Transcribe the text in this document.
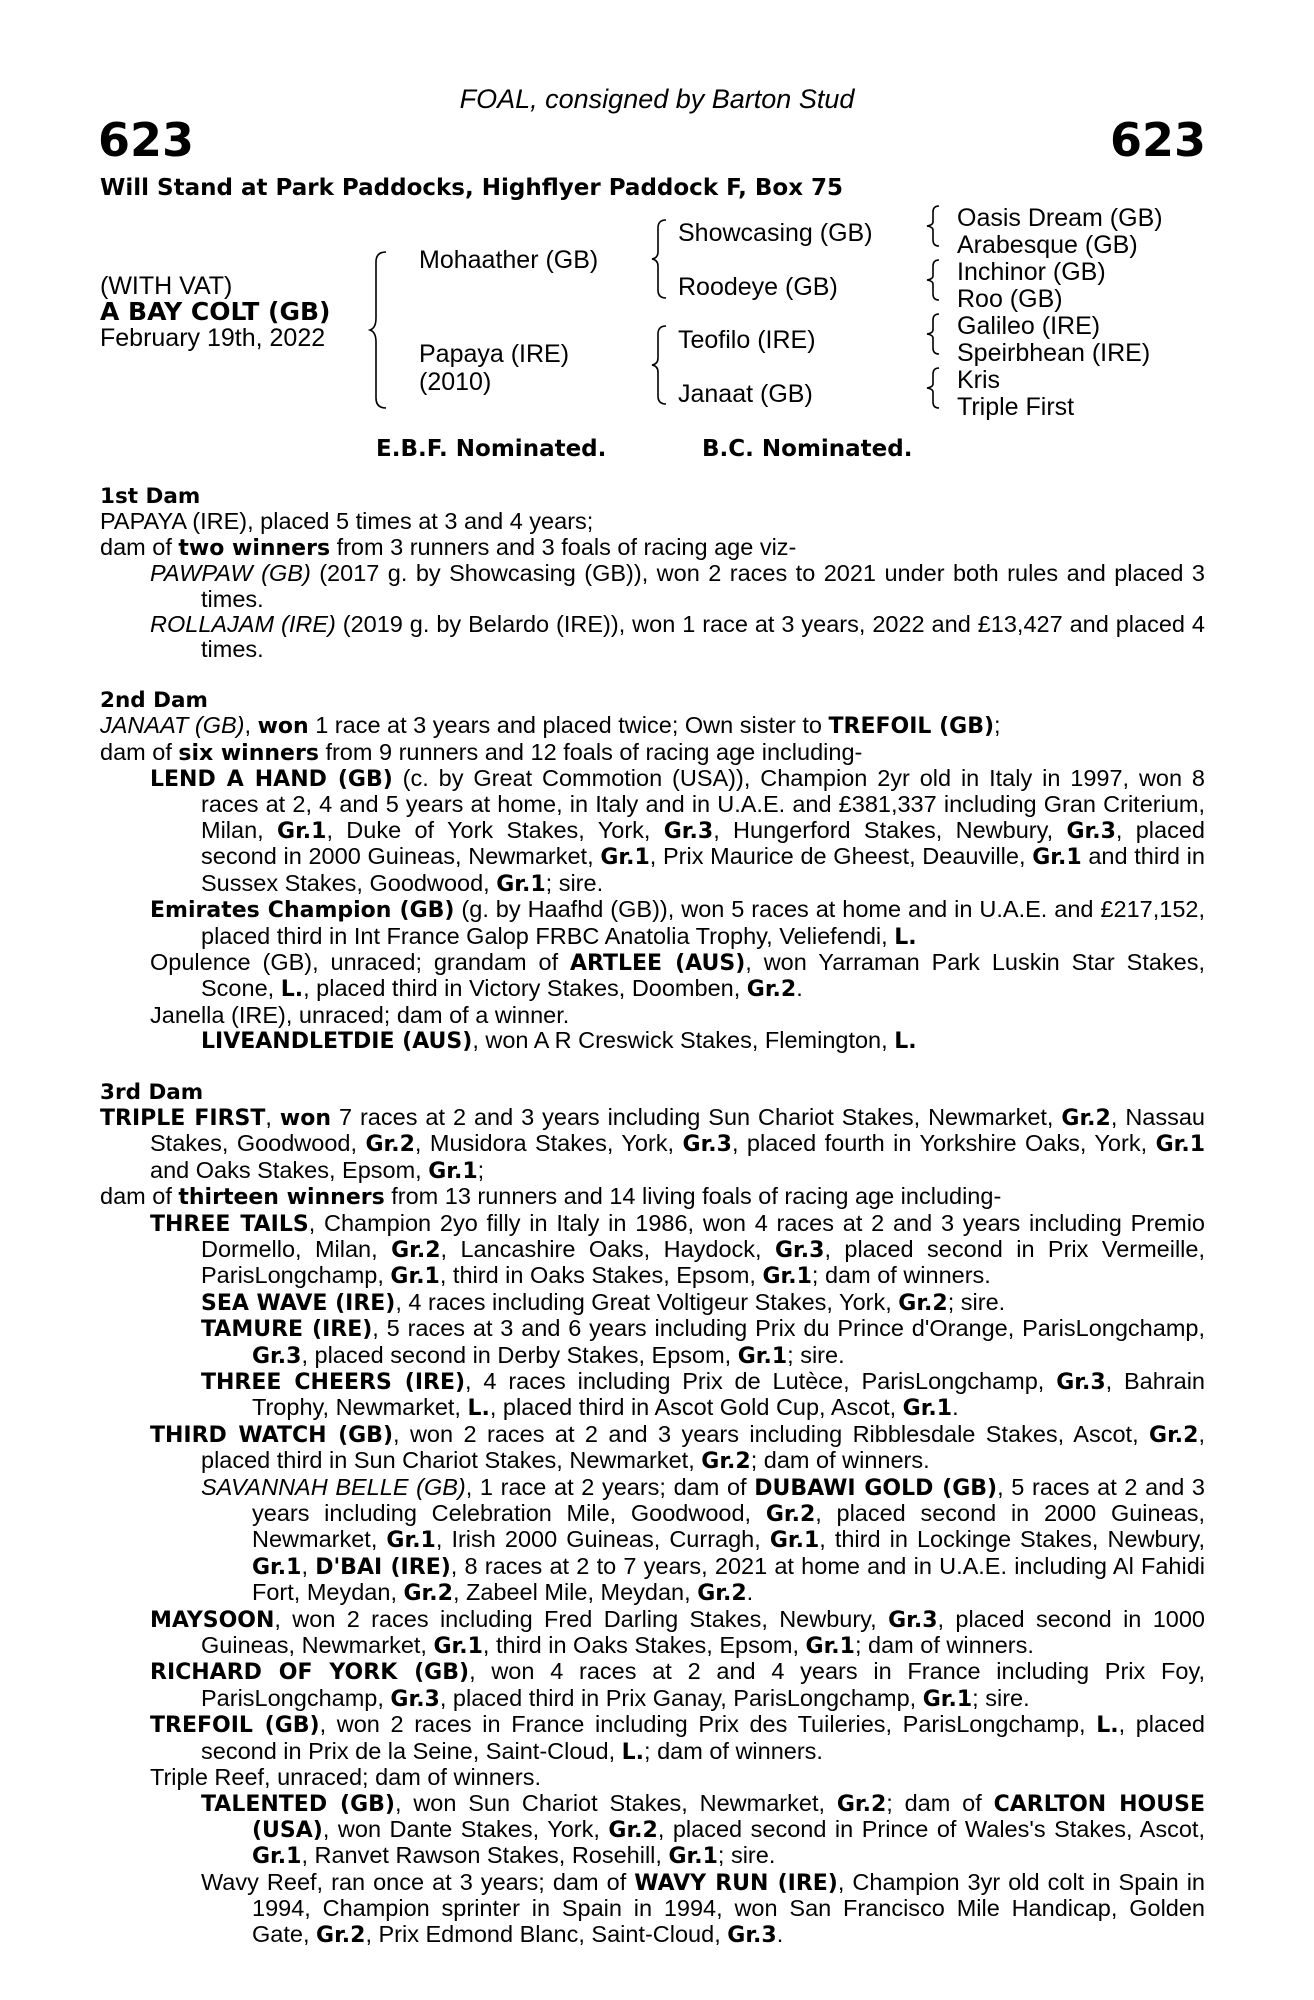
FOAL, consigned by Barton Stud
623	623
Will Stand at Park Paddocks, Highflyer Paddock F, Box 75
(WITH VAT)
A BAY COLT (GB)
February 19th, 2022
Mohaather (GB)
Papaya (IRE)
(2010)
Showcasing (GB)
Roodeye (GB)
Teofilo (IRE)
Janaat (GB)
Oasis Dream (GB)
Arabesque (GB)
Inchinor (GB)
Roo (GB)
Galileo (IRE)
Speirbhean (IRE)
Kris
Triple First
E.B.F. Nominated.	B.C. Nominated.

1st Dam

PAPAYA (IRE), placed 5 times at 3 and 4 years;

dam of two winners from 3 runners and 3 foals of racing age viz-

PAWPAW (GB) (2017 g. by Showcasing (GB)), won 2 races to 2021 under both rules and placed 3 times.

ROLLAJAM (IRE) (2019 g. by Belardo (IRE)), won 1 race at 3 years, 2022 and £13,427 and placed 4 times.

2nd Dam

JANAAT (GB), won 1 race at 3 years and placed twice; Own sister to TREFOIL (GB);

dam of six winners from 9 runners and 12 foals of racing age including-

LEND A HAND (GB) (c. by Great Commotion (USA)), Champion 2yr old in Italy in 1997, won 8 races at 2, 4 and 5 years at home, in Italy and in U.A.E. and £381,337 including Gran Criterium, Milan, Gr.1, Duke of York Stakes, York, Gr.3, Hungerford Stakes, Newbury, Gr.3, placed second in 2000 Guineas, Newmarket, Gr.1, Prix Maurice de Gheest, Deauville, Gr.1 and third in Sussex Stakes, Goodwood, Gr.1; sire.

Emirates Champion (GB) (g. by Haafhd (GB)), won 5 races at home and in U.A.E. and £217,152, placed third in Int France Galop FRBC Anatolia Trophy, Veliefendi, L.

Opulence (GB), unraced; grandam of ARTLEE (AUS), won Yarraman Park Luskin Star Stakes, Scone, L., placed third in Victory Stakes, Doomben, Gr.2.

Janella (IRE), unraced; dam of a winner.

LIVEANDLETDIE (AUS), won A R Creswick Stakes, Flemington, L.

3rd Dam

TRIPLE FIRST, won 7 races at 2 and 3 years including Sun Chariot Stakes, Newmarket, Gr.2, Nassau Stakes, Goodwood, Gr.2, Musidora Stakes, York, Gr.3, placed fourth in Yorkshire Oaks, York, Gr.1 and Oaks Stakes, Epsom, Gr.1;

dam of thirteen winners from 13 runners and 14 living foals of racing age including-

THREE TAILS, Champion 2yo filly in Italy in 1986, won 4 races at 2 and 3 years including Premio Dormello, Milan, Gr.2, Lancashire Oaks, Haydock, Gr.3, placed second in Prix Vermeille, ParisLongchamp, Gr.1, third in Oaks Stakes, Epsom, Gr.1; dam of winners.

SEA WAVE (IRE), 4 races including Great Voltigeur Stakes, York, Gr.2; sire.

TAMURE (IRE), 5 races at 3 and 6 years including Prix du Prince d'Orange, ParisLongchamp, Gr.3, placed second in Derby Stakes, Epsom, Gr.1; sire.

THREE CHEERS (IRE), 4 races including Prix de Lutèce, ParisLongchamp, Gr.3, Bahrain Trophy, Newmarket, L., placed third in Ascot Gold Cup, Ascot, Gr.1.

THIRD WATCH (GB), won 2 races at 2 and 3 years including Ribblesdale Stakes, Ascot, Gr.2, placed third in Sun Chariot Stakes, Newmarket, Gr.2; dam of winners.

SAVANNAH BELLE (GB), 1 race at 2 years; dam of DUBAWI GOLD (GB), 5 races at 2 and 3 years including Celebration Mile, Goodwood, Gr.2, placed second in 2000 Guineas, Newmarket, Gr.1, Irish 2000 Guineas, Curragh, Gr.1, third in Lockinge Stakes, Newbury, Gr.1, D'BAI (IRE), 8 races at 2 to 7 years, 2021 at home and in U.A.E. including Al Fahidi Fort, Meydan, Gr.2, Zabeel Mile, Meydan, Gr.2.

MAYSOON, won 2 races including Fred Darling Stakes, Newbury, Gr.3, placed second in 1000 Guineas, Newmarket, Gr.1, third in Oaks Stakes, Epsom, Gr.1; dam of winners.

RICHARD OF YORK (GB), won 4 races at 2 and 4 years in France including Prix Foy, ParisLongchamp, Gr.3, placed third in Prix Ganay, ParisLongchamp, Gr.1; sire.

TREFOIL (GB), won 2 races in France including Prix des Tuileries, ParisLongchamp, L., placed second in Prix de la Seine, Saint-Cloud, L.; dam of winners.

Triple Reef, unraced; dam of winners.

TALENTED (GB), won Sun Chariot Stakes, Newmarket, Gr.2; dam of CARLTON HOUSE (USA), won Dante Stakes, York, Gr.2, placed second in Prince of Wales's Stakes, Ascot, Gr.1, Ranvet Rawson Stakes, Rosehill, Gr.1; sire.

Wavy Reef, ran once at 3 years; dam of WAVY RUN (IRE), Champion 3yr old colt in Spain in 1994, Champion sprinter in Spain in 1994, won San Francisco Mile Handicap, Golden Gate, Gr.2, Prix Edmond Blanc, Saint-Cloud, Gr.3.
